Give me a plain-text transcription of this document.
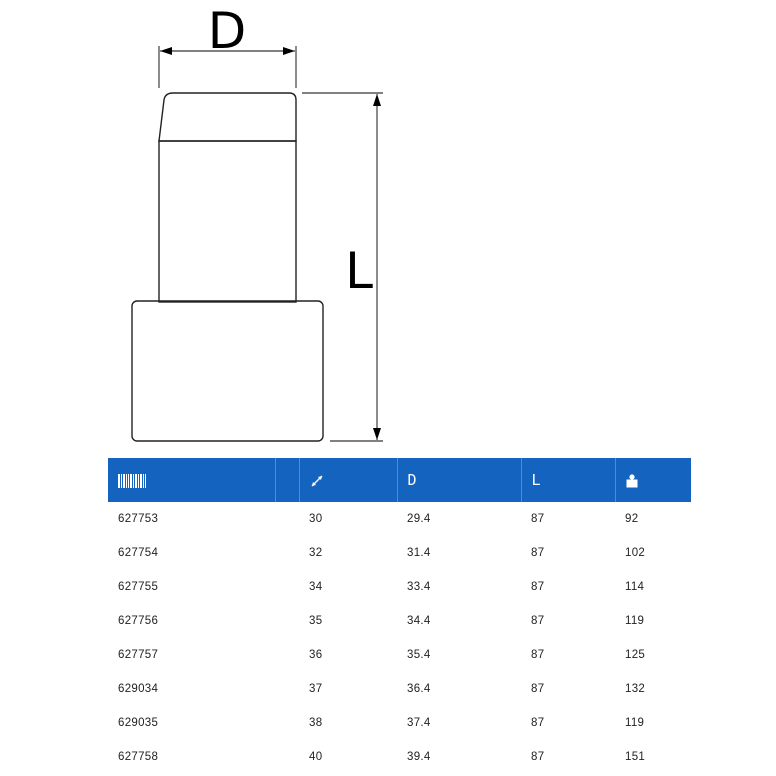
D
L
			D	L	
627753		30	29.4	87	92
627754		32	31.4	87	102
627755		34	33.4	87	114
627756		35	34.4	87	119
627757		36	35.4	87	125
629034		37	36.4	87	132
629035		38	37.4	87	119
627758		40	39.4	87	151
